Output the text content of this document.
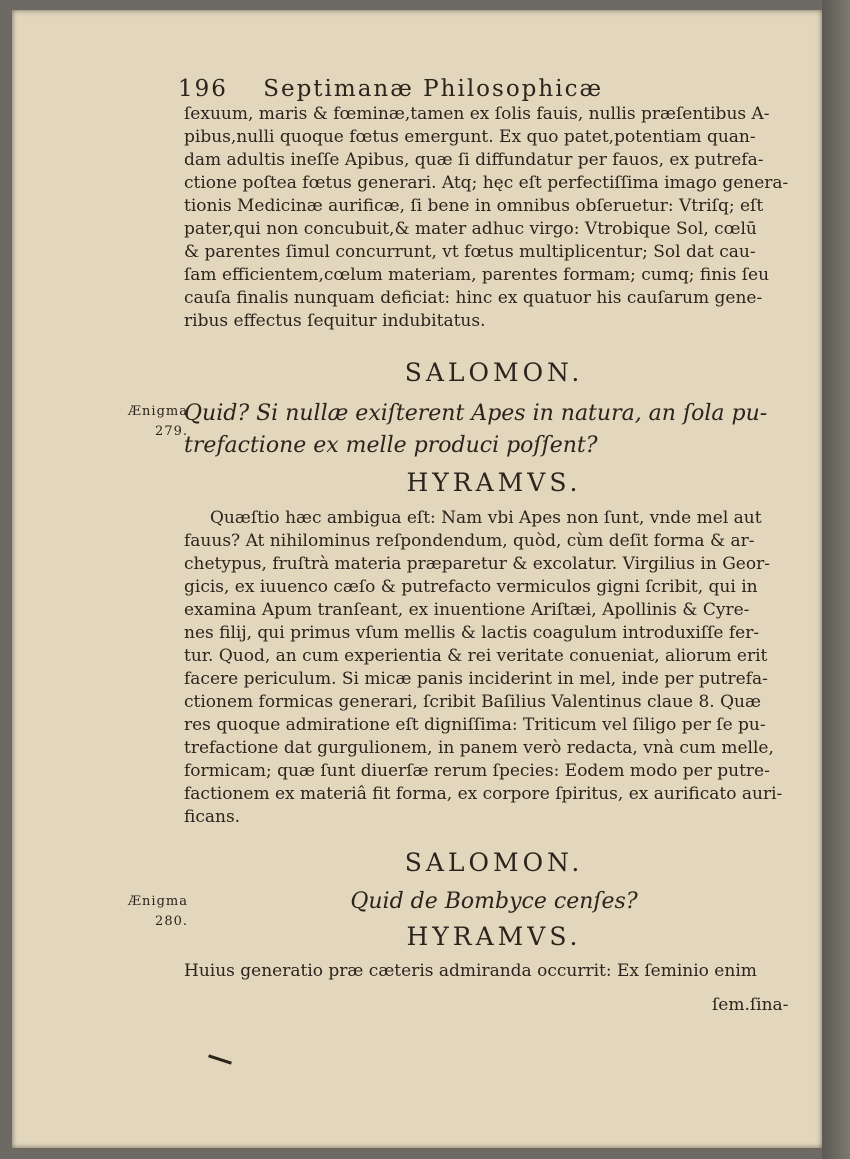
196 Septimanæ Philosophicæ
ſexuum, maris & fœminæ,tamen ex ſolis fauis, nullis præſentibus A-
pibus,nulli quoque fœtus emergunt. Ex quo patet,potentiam quan-
dam adultis ineſſe Apibus, quæ ſi diffundatur per fauos, ex putrefa-
ctione poſtea fœtus generari. Atq; hęc eſt perfectiſſima imago genera-
tionis Medicinæ aurificæ, ſi bene in omnibus obſeruetur: Vtriſq; eſt
pater,qui non concubuit,& mater adhuc virgo: Vtrobique Sol, cœlū
& parentes ſimul concurrunt, vt fœtus multiplicentur; Sol dat cau-
ſam efficientem,cœlum materiam, parentes formam; cumq; finis ſeu
cauſa finalis nunquam deficiat: hinc ex quatuor his cauſarum gene-
ribus effectus ſequitur indubitatus.
SALOMON.
Ænigma
279.
Quid? Si nullæ exiſterent Apes in natura, an ſola pu-
trefactione ex melle produci poſſent?
HYRAMVS.
Quæſtio hæc ambigua eſt: Nam vbi Apes non ſunt, vnde mel aut
fauus? At nihilominus reſpondendum, quòd, cùm deſit forma & ar-
chetypus, fruſtrà materia præparetur & excolatur. Virgilius in Geor-
gicis, ex iuuenco cæſo & putrefacto vermiculos gigni ſcribit, qui in
examina Apum tranſeant, ex inuentione Ariſtæi, Apollinis & Cyre-
nes filij, qui primus vſum mellis & lactis coagulum introduxiſſe fer-
tur. Quod, an cum experientia & rei veritate conueniat, aliorum erit
facere periculum. Si micæ panis inciderint in mel, inde per putrefa-
ctionem formicas generari, ſcribit Baſilius Valentinus claue 8. Quæ
res quoque admiratione eſt digniſſima: Triticum vel ſiligo per ſe pu-
trefactione dat gurgulionem, in panem verò redacta, vnà cum melle,
formicam; quæ ſunt diuerſæ rerum ſpecies: Eodem modo per putre-
factionem ex materiâ fit forma, ex corpore ſpiritus, ex aurificato auri-
ficans.
SALOMON.
Ænigma
280.
Quid de Bombyce cenſes?
HYRAMVS.
Huius generatio præ cæteris admiranda occurrit: Ex ſeminio enim
ſem.ſina-
